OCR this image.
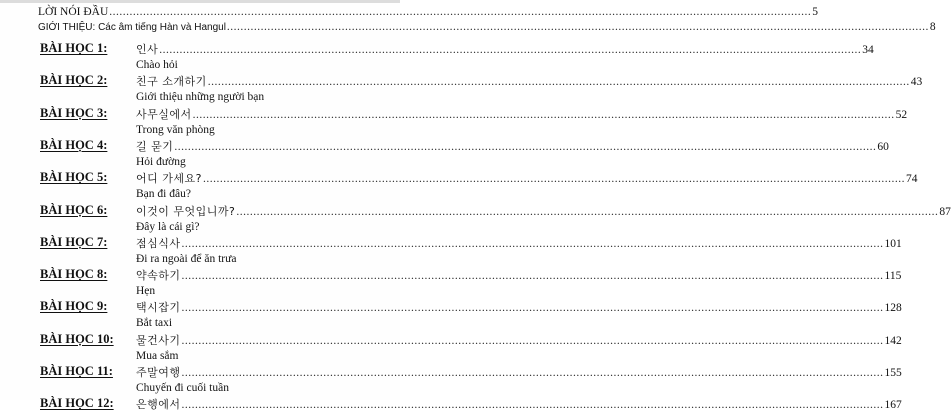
LỜI NÓI ĐẦU .....	5
GIỚI THIỆU: Các âm tiếng Hàn và Hangul .....	8
BÀI HỌC 1:	인사 .....	34
Chào hỏi
BÀI HỌC 2:	친구 소개하기 .....	43
Giới thiệu những người bạn
BÀI HỌC 3:	사무실에서 .....	52
Trong văn phòng
BÀI HỌC 4:	길 묻기 .....	60
Hỏi đường
BÀI HỌC 5:	어디 가세요? .....	74
Bạn đi đâu?
BÀI HỌC 6:	이것이 무엇입니까? .....	87
Đây là cái gì?
BÀI HỌC 7:	점심식사 .....	101
Đi ra ngoài để ăn trưa
BÀI HỌC 8:	약속하기 .....	115
Hẹn
BÀI HỌC 9:	택시잡기 .....	128
Bắt taxi
BÀI HỌC 10: 물건사기 .....	142
Mua sắm
BÀI HỌC 11: 주말여행 .....	155
Chuyến đi cuối tuần
BÀI HỌC 12: 은행에서 .....	167
